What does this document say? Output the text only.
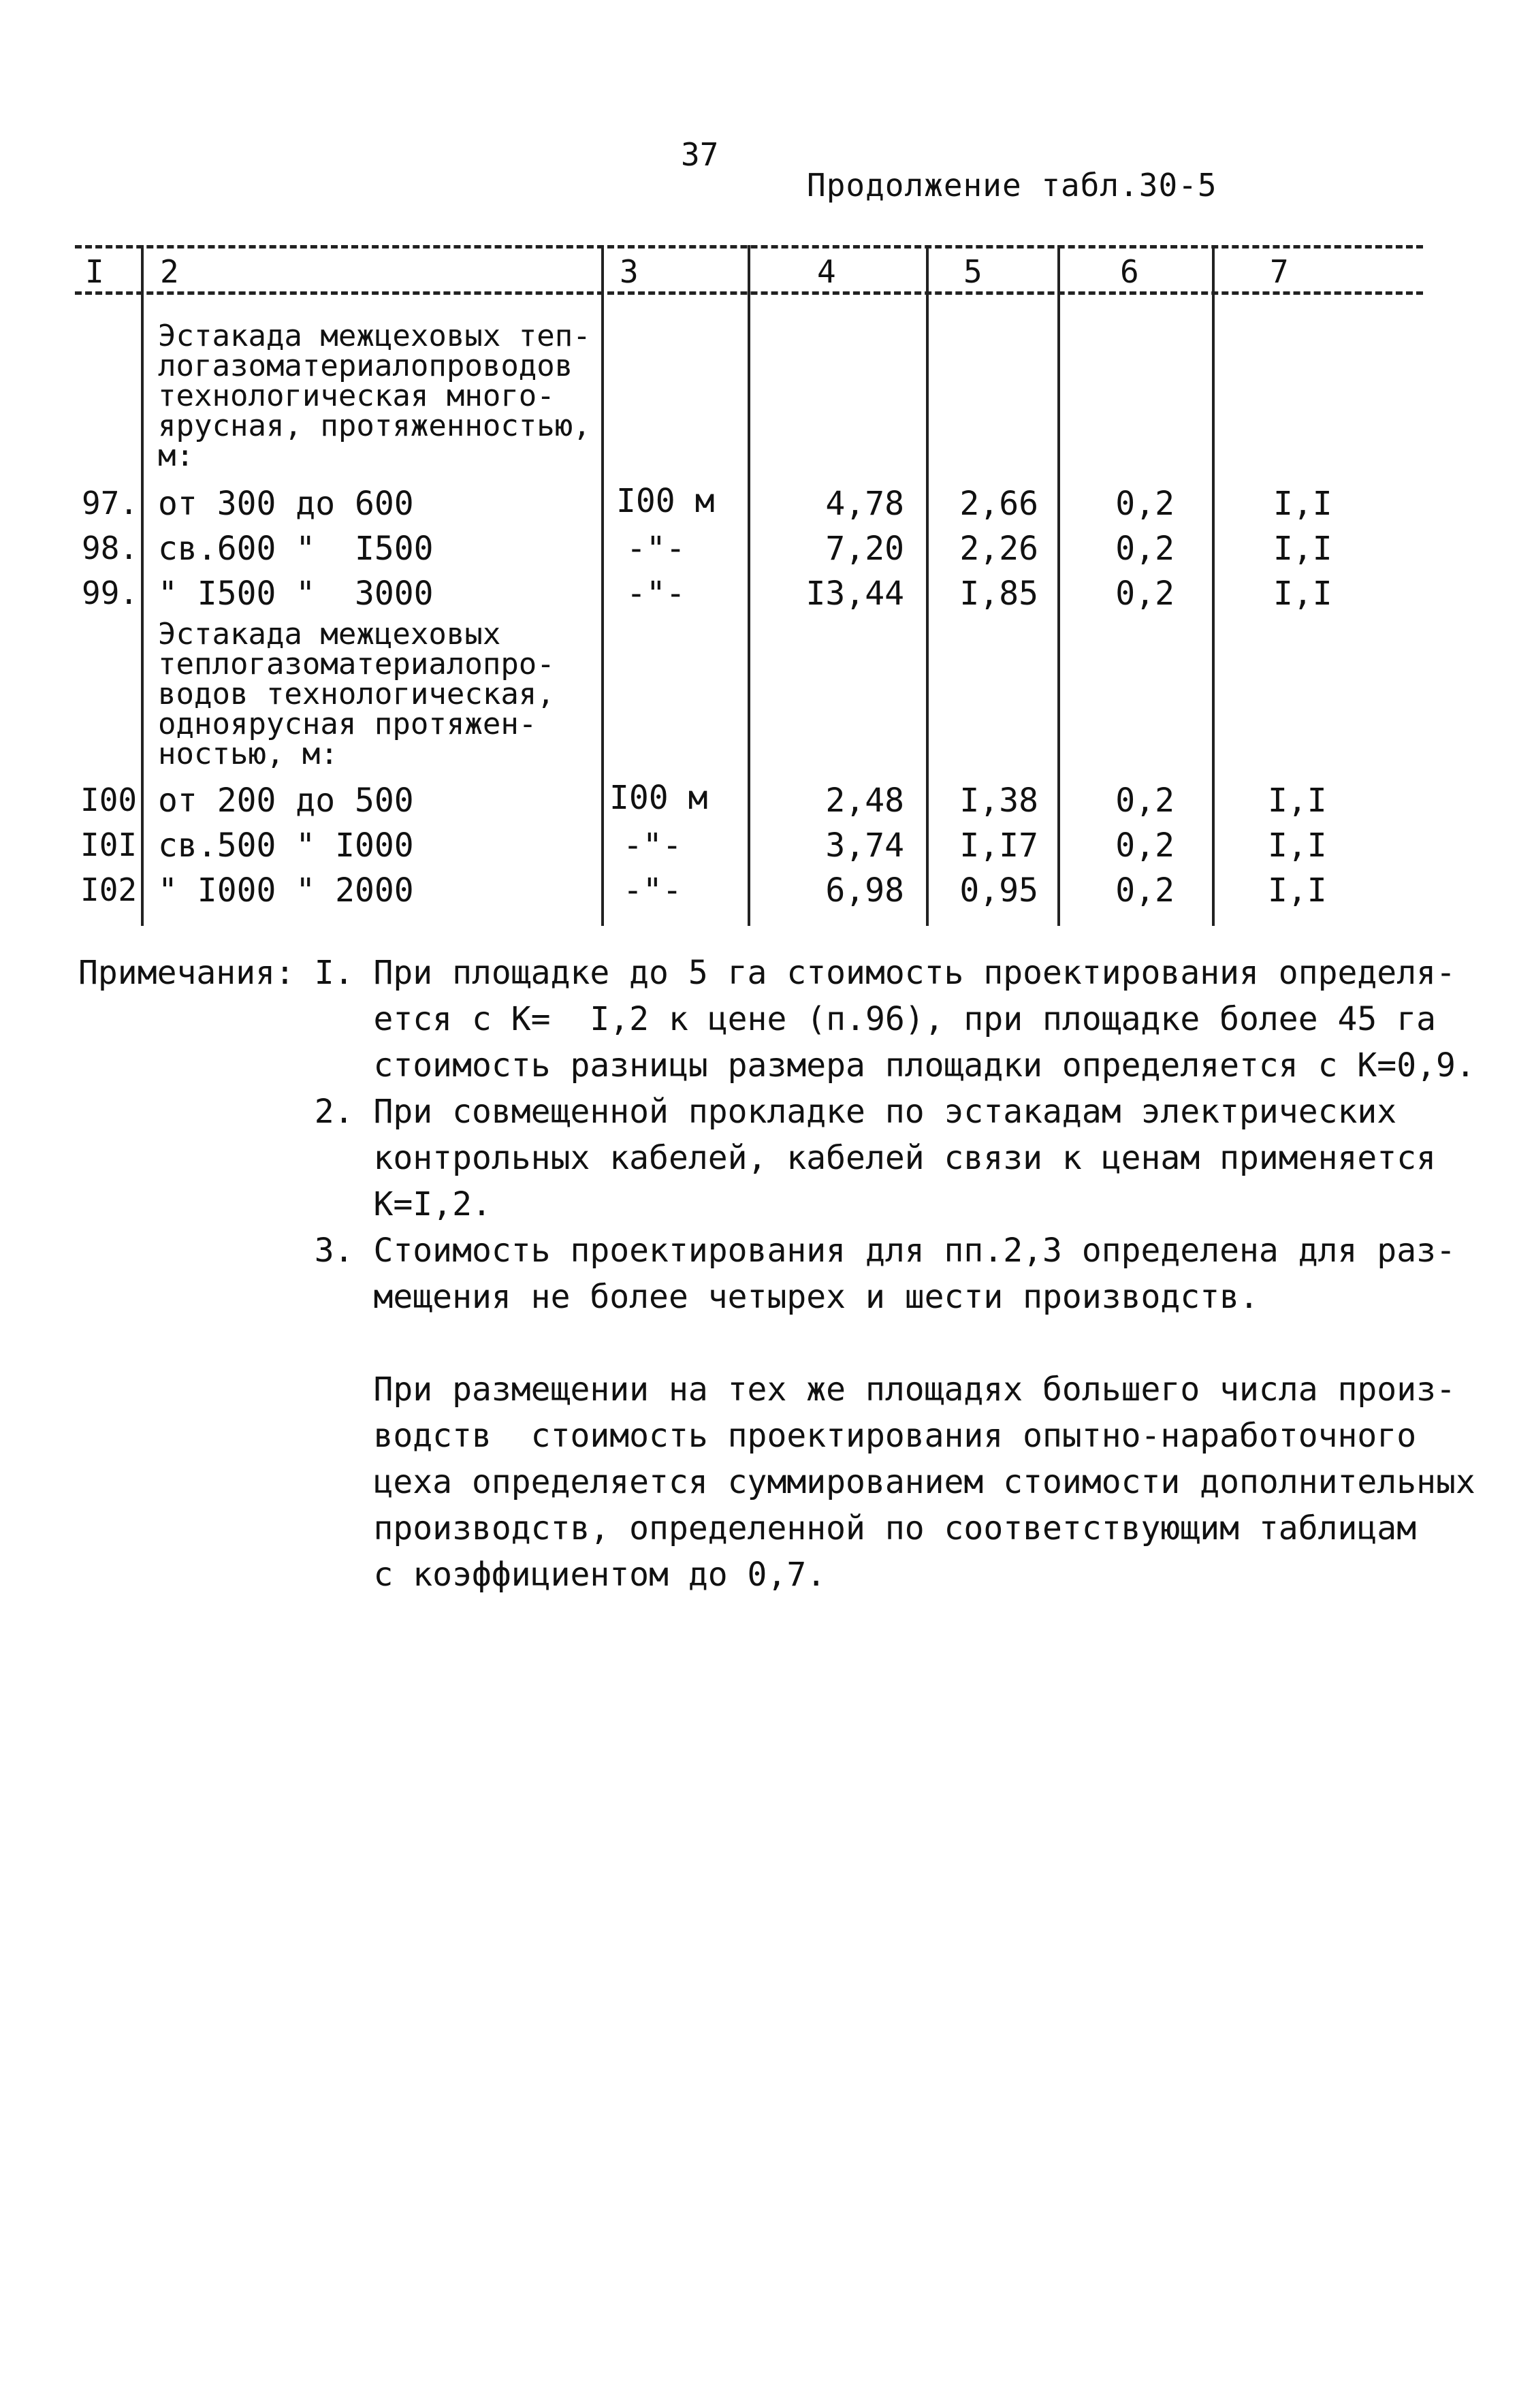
37
Продолжение табл.30-5
I 2	3	4	5	6	7
Эстакада межцеховых теп-
логазоматериалопроводов
технологическая много-
ярусная, протяженностью,
м:
97. от 300 до 600	I00 м	4,78	2,66	0,2	I,I
98. св.600 "  I500	-"-	7,20	2,26	0,2	I,I
99. " I500 "  3000	-"-	I3,44	I,85	0,2	I,I
Эстакада межцеховых
теплогазоматериалопро-
водов технологическая,
одноярусная протяжен-
ностью, м:
I00 от 200 до 500	I00 м	2,48	I,38	0,2	I,I
I0I св.500 " I000	-"-	3,74	I,I7	0,2	I,I
I02 " I000 " 2000	-"-	6,98	0,95	0,2	I,I
Примечания: I. При площадке до 5 га стоимость проектирования определя-
ется с К=  I,2 к цене (п.96), при площадке более 45 га
стоимость разницы размера площадки определяется с К=0,9.
2. При совмещенной прокладке по эстакадам электрических
контрольных кабелей, кабелей связи к ценам применяется
К=I,2.
3. Стоимость проектирования для пп.2,3 определена для раз-
мещения не более четырех и шести производств.

При размещении на тех же площадях большего числа произ-
водств  стоимость проектирования опытно-наработочного
цеха определяется суммированием стоимости дополнительных
производств, определенной по соответствующим таблицам
с коэффициентом до 0,7.
